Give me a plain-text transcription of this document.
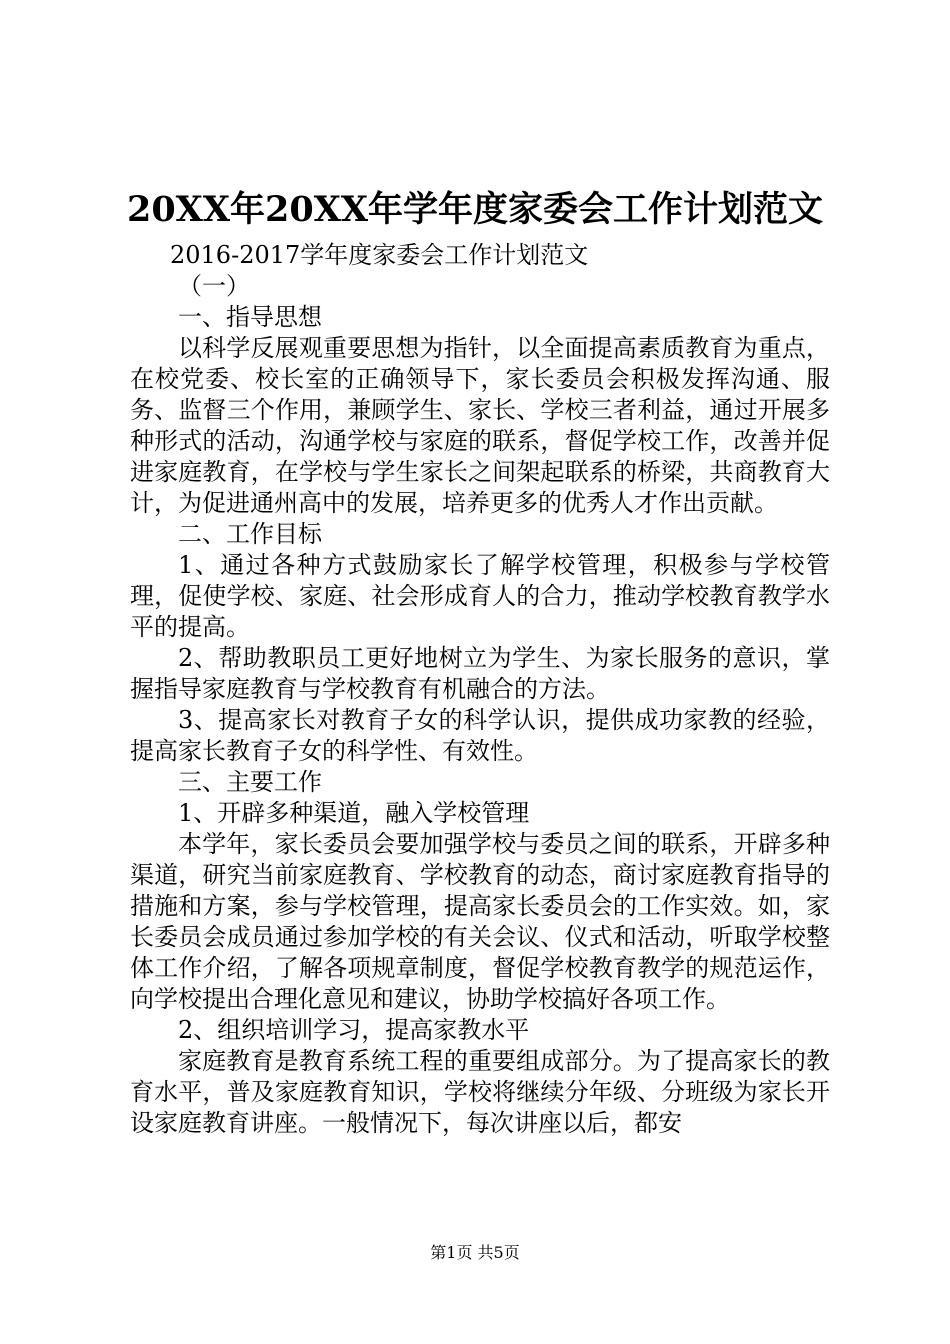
20XX年20XX年学年度家委会工作计划范文

2016-2017学年度家委会工作计划范文

（一）

一、指导思想

以科学反展观重要思想为指针，以全面提高素质教育为重点，在校党委、校长室的正确领导下，家长委员会积极发挥沟通、服务、监督三个作用，兼顾学生、家长、学校三者利益，通过开展多种形式的活动，沟通学校与家庭的联系，督促学校工作，改善并促进家庭教育，在学校与学生家长之间架起联系的桥梁，共商教育大计，为促进通州高中的发展，培养更多的优秀人才作出贡献。

二、工作目标

1、通过各种方式鼓励家长了解学校管理，积极参与学校管理，促使学校、家庭、社会形成育人的合力，推动学校教育教学水平的提高。

2、帮助教职员工更好地树立为学生、为家长服务的意识，掌握指导家庭教育与学校教育有机融合的方法。

3、提高家长对教育子女的科学认识，提供成功家教的经验，提高家长教育子女的科学性、有效性。

三、主要工作

1、开辟多种渠道，融入学校管理

本学年，家长委员会要加强学校与委员之间的联系，开辟多种渠道，研究当前家庭教育、学校教育的动态，商讨家庭教育指导的措施和方案，参与学校管理，提高家长委员会的工作实效。如，家长委员会成员通过参加学校的有关会议、仪式和活动，听取学校整体工作介绍，了解各项规章制度，督促学校教育教学的规范运作，向学校提出合理化意见和建议，协助学校搞好各项工作。

2、组织培训学习，提高家教水平

家庭教育是教育系统工程的重要组成部分。为了提高家长的教育水平，普及家庭教育知识，学校将继续分年级、分班级为家长开设家庭教育讲座。一般情况下，每次讲座以后，都安

第1页 共5页
